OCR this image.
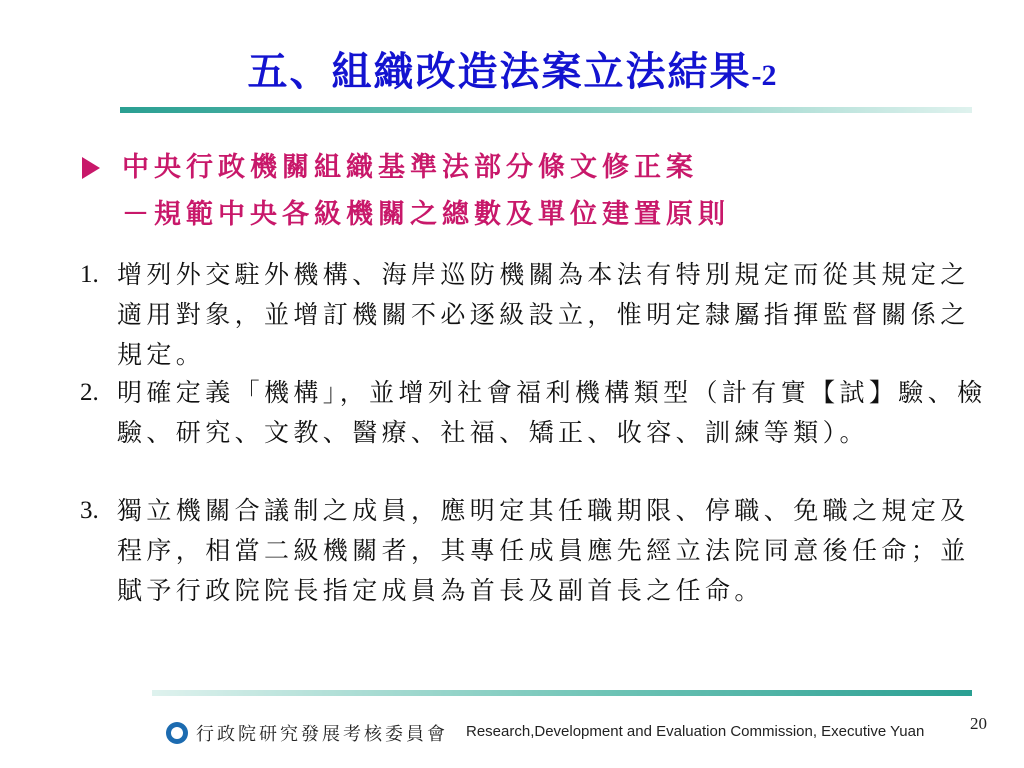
五、組織改造法案立法結果-2
中央行政機關組織基準法部分條文修正案
－規範中央各級機關之總數及單位建置原則
1. 增列外交駐外機構、海岸巡防機關為本法有特別規定而從其規定之適用對象，並增訂機關不必逐級設立，惟明定隸屬指揮監督關係之規定。
2. 明確定義「機構」，並增列社會福利機構類型（計有實【試】驗、檢驗、研究、文教、醫療、社福、矯正、收容、訓練等類）。
3. 獨立機關合議制之成員，應明定其任職期限、停職、免職之規定及程序，相當二級機關者，其專任成員應先經立法院同意後任命；並賦予行政院院長指定成員為首長及副首長之任命。
行政院研究發展考核委員會 Research,Development and Evaluation Commission, Executive Yuan	20
